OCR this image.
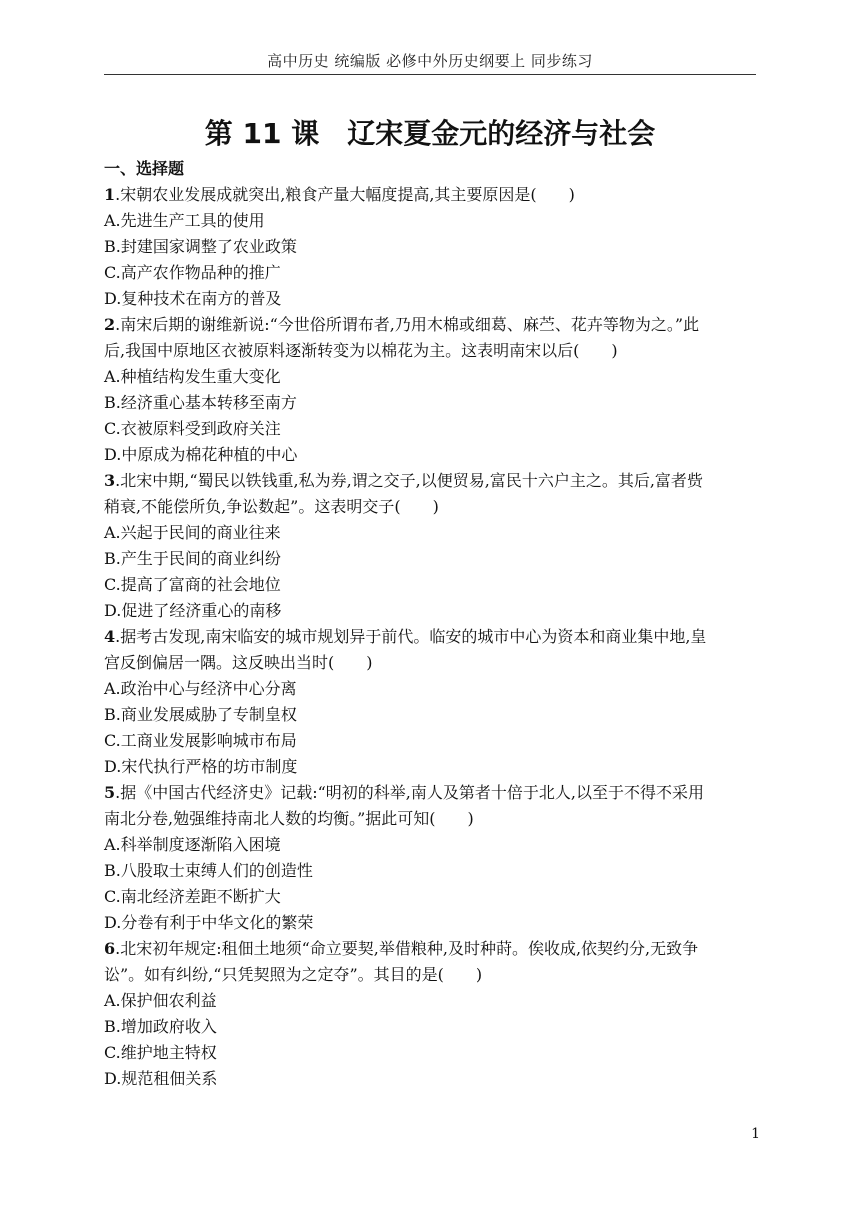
高中历史 统编版 必修中外历史纲要上 同步练习
第 11 课　辽宋夏金元的经济与社会
一、选择题
1.宋朝农业发展成就突出,粮食产量大幅度提高,其主要原因是(　　)
A.先进生产工具的使用
B.封建国家调整了农业政策
C.高产农作物品种的推广
D.复种技术在南方的普及
2.南宋后期的谢维新说:“今世俗所谓布者,乃用木棉或细葛、麻苎、花卉等物为之。”此
后,我国中原地区衣被原料逐渐转变为以棉花为主。这表明南宋以后(　　)
A.种植结构发生重大变化
B.经济重心基本转移至南方
C.衣被原料受到政府关注
D.中原成为棉花种植的中心
3.北宋中期,“蜀民以铁钱重,私为券,谓之交子,以便贸易,富民十六户主之。其后,富者赀
稍衰,不能偿所负,争讼数起”。这表明交子(　　)
A.兴起于民间的商业往来
B.产生于民间的商业纠纷
C.提高了富商的社会地位
D.促进了经济重心的南移
4.据考古发现,南宋临安的城市规划异于前代。临安的城市中心为资本和商业集中地,皇
宫反倒偏居一隅。这反映出当时(　　)
A.政治中心与经济中心分离
B.商业发展威胁了专制皇权
C.工商业发展影响城市布局
D.宋代执行严格的坊市制度
5.据《中国古代经济史》记载:“明初的科举,南人及第者十倍于北人,以至于不得不采用
南北分卷,勉强维持南北人数的均衡。”据此可知(　　)
A.科举制度逐渐陷入困境
B.八股取士束缚人们的创造性
C.南北经济差距不断扩大
D.分卷有利于中华文化的繁荣
6.北宋初年规定:租佃土地须“命立要契,举借粮种,及时种莳。俟收成,依契约分,无致争
讼”。如有纠纷,“只凭契照为之定夺”。其目的是(　　)
A.保护佃农利益
B.增加政府收入
C.维护地主特权
D.规范租佃关系
1
